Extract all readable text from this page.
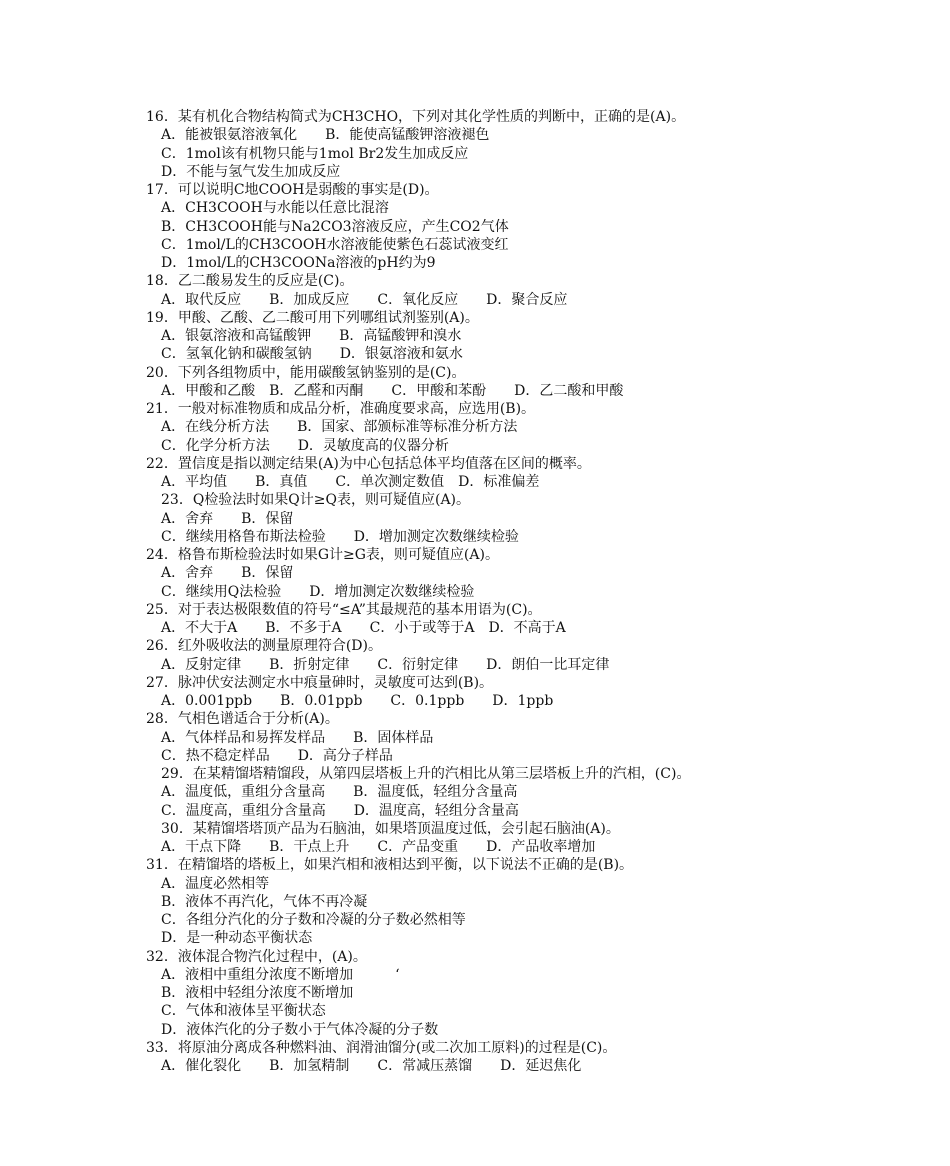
16．某有机化合物结构简式为CH3CHO，下列对其化学性质的判断中，正确的是(A)。
A．能被银氨溶液氧化　　B．能使高锰酸钾溶液褪色
C．1mol该有机物只能与1mol Br2发生加成反应
D．不能与氢气发生加成反应
17．可以说明C地COOH是弱酸的事实是(D)。
A．CH3COOH与水能以任意比混溶
B．CH3COOH能与Na2CO3溶液反应，产生CO2气体
C．1mol/L的CH3COOH水溶液能使紫色石蕊试液变红
D．1mol/L的CH3COONa溶液的pH约为9
18．乙二酸易发生的反应是(C)。
A．取代反应　　B．加成反应　　C．氧化反应　　D．聚合反应
19．甲酸、乙酸、乙二酸可用下列哪组试剂鉴别(A)。
A．银氨溶液和高锰酸钾　　B．高锰酸钾和溴水
C．氢氧化钠和碳酸氢钠　　D．银氨溶液和氨水
20．下列各组物质中，能用碳酸氢钠鉴别的是(C)。
A．甲酸和乙酸　B．乙醛和丙酮　　C．甲酸和苯酚　　D．乙二酸和甲酸
21．一般对标准物质和成品分析，准确度要求高，应选用(B)。
A．在线分析方法　　B．国家、部颁标准等标准分析方法
C．化学分析方法　　D．灵敏度高的仪器分析
22．置信度是指以测定结果(A)为中心包括总体平均值落在区间的概率。
A．平均值　　B．真值　　C．单次测定数值　D．标准偏差
23．Q检验法时如果Q计≥Q表，则可疑值应(A)。
A．舍弃　　B．保留
C．继续用格鲁布斯法检验　　D．增加测定次数继续检验
24．格鲁布斯检验法时如果G计≥G表，则可疑值应(A)。
A．舍弃　　B．保留
C．继续用Q法检验　　D．增加测定次数继续检验
25．对于表达极限数值的符号“≤A”其最规范的基本用语为(C)。
A．不大于A　　B．不多于A　　C．小于或等于A　D．不高于A
26．红外吸收法的测量原理符合(D)。
A．反射定律　　B．折射定律　　C．衍射定律　　D．朗伯一比耳定律
27．脉冲伏安法测定水中痕量砷时，灵敏度可达到(B)。
A．0.001ppb　　B．0.01ppb　　C．0.1ppb　　D．1ppb
28．气相色谱适合于分析(A)。
A．气体样品和易挥发样品　　B．固体样品
C．热不稳定样品　　D．高分子样品
29．在某精馏塔精馏段，从第四层塔板上升的汽相比从第三层塔板上升的汽相，(C)。
A．温度低，重组分含量高　　B．温度低，轻组分含量高
C．温度高，重组分含量高　　D．温度高，轻组分含量高
30．某精馏塔塔顶产品为石脑油，如果塔顶温度过低，会引起石脑油(A)。
A．干点下降　　B．干点上升　　C．产品变重　　D．产品收率增加
31．在精馏塔的塔板上，如果汽相和液相达到平衡，以下说法不正确的是(B)。
A．温度必然相等
B．液体不再汽化，气体不再冷凝
C．各组分汽化的分子数和冷凝的分子数必然相等
D．是一种动态平衡状态
32．液体混合物汽化过程中，(A)。
A．液相中重组分浓度不断增加　　　‘
B．液相中轻组分浓度不断增加
C．气体和液体呈平衡状态
D．液体汽化的分子数小于气体冷凝的分子数
33．将原油分离成各种燃料油、润滑油馏分(或二次加工原料)的过程是(C)。
A．催化裂化　　B．加氢精制　　C．常减压蒸馏　　D．延迟焦化
